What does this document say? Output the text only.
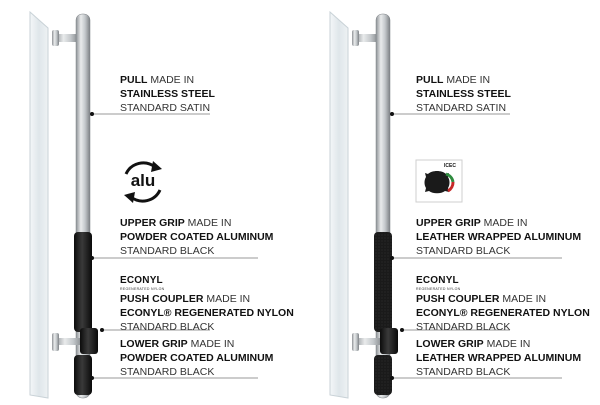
alu
PULL MADE IN
STAINLESS STEEL
STANDARD SATIN
UPPER GRIP MADE IN
POWDER COATED ALUMINUM
STANDARD BLACK
ECONYL
REGENERATED NYLON
PUSH COUPLER MADE IN
ECONYL® REGENERATED NYLON
STANDARD BLACK
LOWER GRIP MADE IN
POWDER COATED ALUMINUM
STANDARD BLACK
ICEC
PULL MADE IN
STAINLESS STEEL
STANDARD SATIN
UPPER GRIP MADE IN
LEATHER WRAPPED ALUMINUM
STANDARD BLACK
ECONYL
REGENERATED NYLON
PUSH COUPLER MADE IN
ECONYL® REGENERATED NYLON
STANDARD BLACK
LOWER GRIP MADE IN
LEATHER WRAPPED ALUMINUM
STANDARD BLACK
